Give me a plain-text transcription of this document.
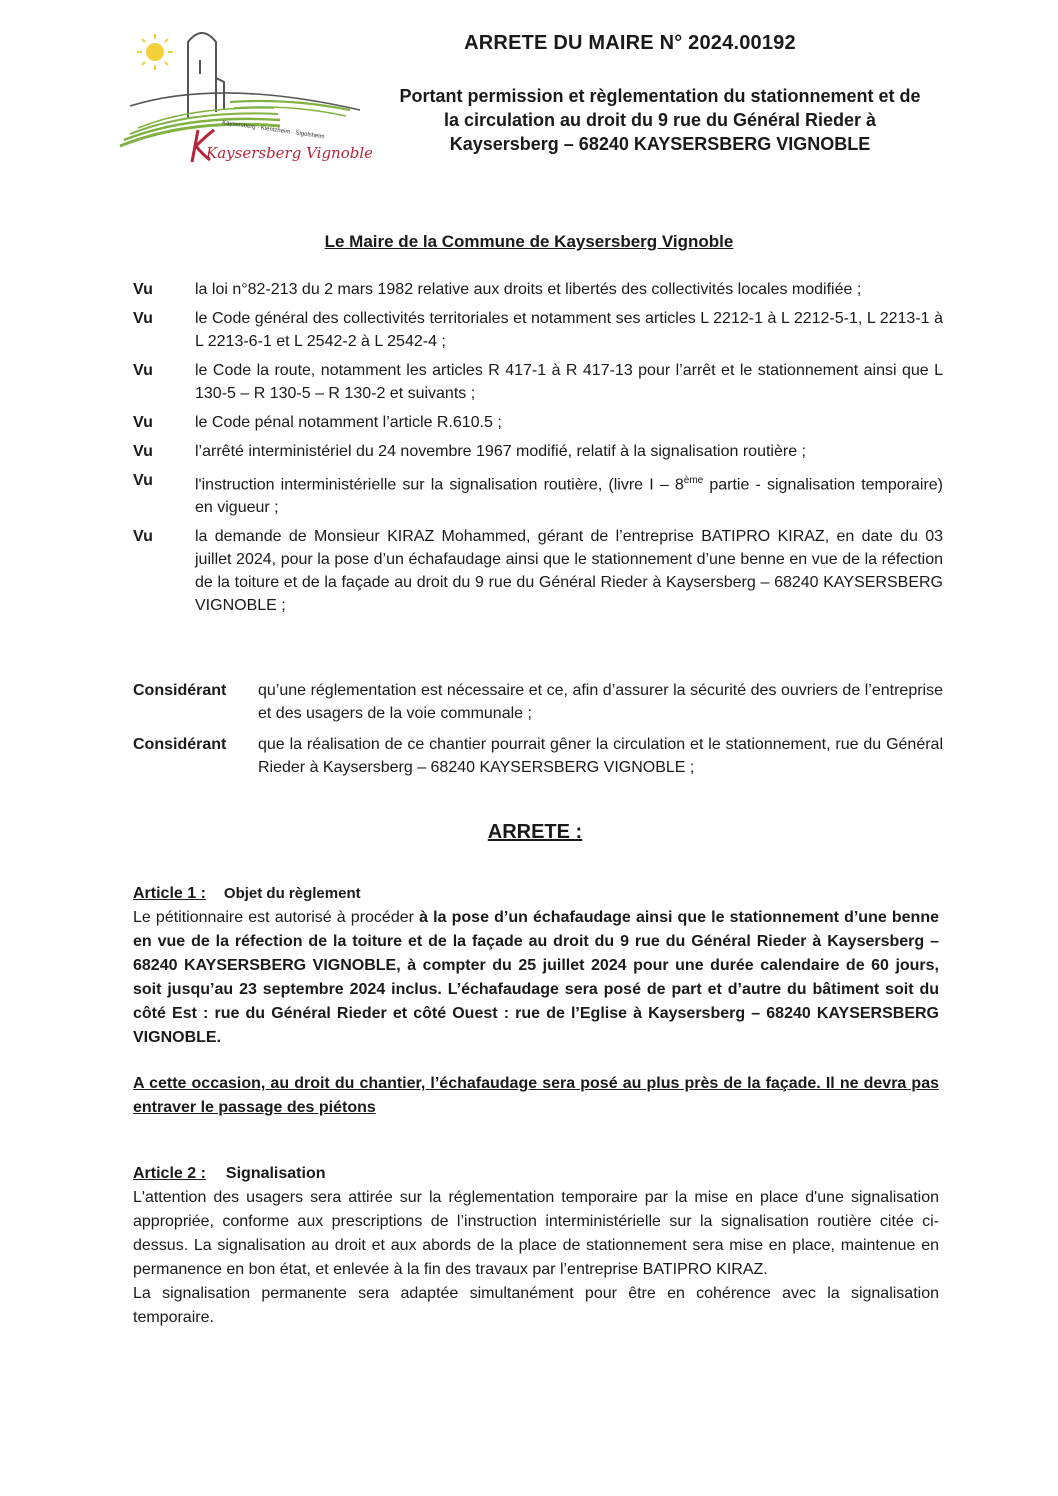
Kaysersberg · Kientzheim · Sigolsheim
Kaysersberg Vignoble
ARRETE DU MAIRE N° 2024.00192
Portant permission et règlementation du stationnement et de
la circulation au droit du 9 rue du Général Rieder à
Kaysersberg – 68240 KAYSERSBERG VIGNOBLE
Le Maire de la Commune de Kaysersberg Vignoble
Vu	la loi n°82-213 du 2 mars 1982 relative aux droits et libertés des collectivités locales modifiée ;
Vu	le Code général des collectivités territoriales et notamment ses articles L 2212-1 à L 2212-5-1, L 2213-1 à L 2213-6-1 et L 2542-2 à L 2542-4 ;
Vu	le Code la route, notamment les articles R 417-1 à R 417-13 pour l’arrêt et le stationnement ainsi que L 130-5 – R 130-5 – R 130-2 et suivants ;
Vu	le Code pénal notamment l’article R.610.5 ;
Vu	l’arrêté interministériel du 24 novembre 1967 modifié, relatif à la signalisation routière ;
Vu	l'instruction interministérielle sur la signalisation routière, (livre I – 8ème partie - signalisation temporaire) en vigueur ;
Vu	la demande de Monsieur KIRAZ Mohammed, gérant de l’entreprise BATIPRO KIRAZ, en date du 03 juillet 2024, pour la pose d’un échafaudage ainsi que le stationnement d’une benne en vue de la réfection de la toiture et de la façade au droit du 9 rue du Général Rieder à Kaysersberg – 68240 KAYSERSBERG VIGNOBLE ;
Considérant	qu’une réglementation est nécessaire et ce, afin d’assurer la sécurité des ouvriers de l’entreprise et des usagers de la voie communale ;
Considérant	que la réalisation de ce chantier pourrait gêner la circulation et le stationnement, rue du Général Rieder à Kaysersberg – 68240 KAYSERSBERG VIGNOBLE ;
ARRETE :
Article 1 : Objet du règlement

Le pétitionnaire est autorisé à procéder à la pose d’un échafaudage ainsi que le stationnement d’une benne en vue de la réfection de la toiture et de la façade au droit du 9 rue du Général Rieder à Kaysersberg – 68240 KAYSERSBERG VIGNOBLE, à compter du 25 juillet 2024 pour une durée calendaire de 60 jours, soit jusqu’au 23 septembre 2024 inclus. L’échafaudage sera posé de part et d’autre du bâtiment soit du côté Est : rue du Général Rieder et côté Ouest : rue de l’Eglise à Kaysersberg – 68240 KAYSERSBERG VIGNOBLE.

A cette occasion, au droit du chantier, l’échafaudage sera posé au plus près de la façade. Il ne devra pas entraver le passage des piétons

Article 2 : Signalisation

L'attention des usagers sera attirée sur la réglementation temporaire par la mise en place d'une signalisation appropriée, conforme aux prescriptions de l’instruction interministérielle sur la signalisation routière citée ci-dessus. La signalisation au droit et aux abords de la place de stationnement sera mise en place, maintenue en permanence en bon état, et enlevée à la fin des travaux par l’entreprise BATIPRO KIRAZ.

La signalisation permanente sera adaptée simultanément pour être en cohérence avec la signalisation temporaire.
